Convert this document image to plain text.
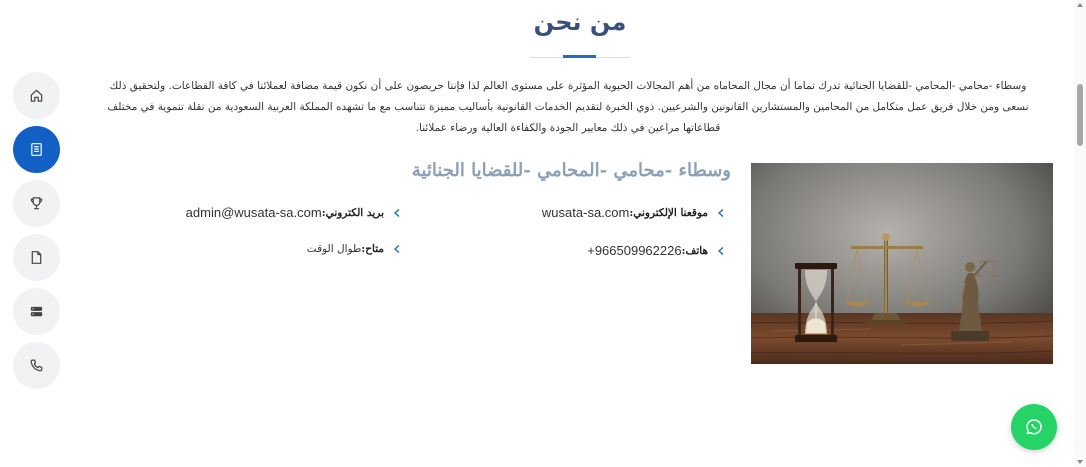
من نحن

وسطاء -محامي -المحامي -للقضايا الجنائية تدرك تماما أن مجال المحاماه من أهم المجالات الحيوية المؤثرة على مستوى العالم لذا فإننا حريصون على أن نكون قيمة مضافة لعملائنا في كافة القطاعات. ولتحقيق ذلك نسعى ومن خلال فريق عمل متكامل من المحامين والمستشارين القانونين والشرعيين. ذوي الخبرة لتقديم الخدمات القانونية بأساليب مميزة تتناسب مع ما تشهده المملكة العربية السعودية من نقلة تنموية في مختلف قطاعاتها مراعين في ذلك معايير الجودة والكفاءة العالية ورضاء عملائنا.

وسطاء -محامي -المحامي -للقضايا الجنائية
موقعنا الإلكتروني:
wusata-sa.com
بريد الكتروني:
admin@wusata-sa.com
هاتف:
+966509962226
متاح:
طوال الوقت
